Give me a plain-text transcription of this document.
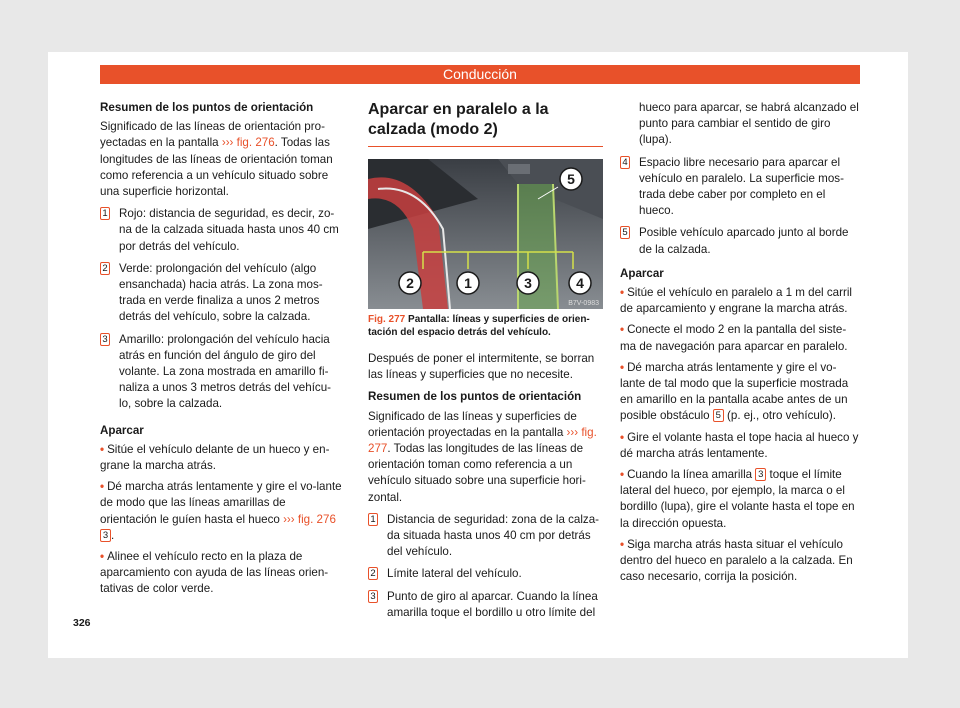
Conducción
Resumen de los puntos de orientación
Significado de las líneas de orientación pro-yectadas en la pantalla ››› fig. 276. Todas las longitudes de las líneas de orientación toman como referencia a un vehículo situado sobre una superficie horizontal.
1 Rojo: distancia de seguridad, es decir, zo-na de la calzada situada hasta unos 40 cm por detrás del vehículo.
2 Verde: prolongación del vehículo (algo ensanchada) hacia atrás. La zona mos-trada en verde finaliza a unos 2 metros detrás del vehículo, sobre la calzada.
3 Amarillo: prolongación del vehículo hacia atrás en función del ángulo de giro del volante. La zona mostrada en amarillo fi-naliza a unos 3 metros detrás del vehícu-lo, sobre la calzada.
Aparcar
• Sitúe el vehículo delante de un hueco y en-grane la marcha atrás.
• Dé marcha atrás lentamente y gire el vo-lante de modo que las líneas amarillas de orientación le guíen hasta el hueco ››› fig. 276 3 .
• Alinee el vehículo recto en la plaza de aparcamiento con ayuda de las líneas orien-tativas de color verde.
Aparcar en paralelo a la calzada (modo 2)
5
2	1	3	4
B7V-0983
Fig. 277 Pantalla: líneas y superficies de orien-tación del espacio detrás del vehículo.
Después de poner el intermitente, se borran las líneas y superficies que no necesite.
Resumen de los puntos de orientación
Significado de las líneas y superficies de orientación proyectadas en la pantalla ››› fig. 277. Todas las longitudes de las líneas de orientación toman como referencia a un vehículo situado sobre una superficie hori-zontal.
1 Distancia de seguridad: zona de la calza-da situada hasta unos 40 cm por detrás del vehículo.
2 Límite lateral del vehículo.
3 Punto de giro al aparcar. Cuando la línea amarilla toque el bordillo u otro límite del
hueco para aparcar, se habrá alcanzado el punto para cambiar el sentido de giro (lupa).
4 Espacio libre necesario para aparcar el vehículo en paralelo. La superficie mos-trada debe caber por completo en el hueco.
5 Posible vehículo aparcado junto al borde de la calzada.
Aparcar
• Sitúe el vehículo en paralelo a 1 m del carril de aparcamiento y engrane la marcha atrás.
• Conecte el modo 2 en la pantalla del siste-ma de navegación para aparcar en paralelo.
• Dé marcha atrás lentamente y gire el vo-lante de tal modo que la superficie mostrada en amarillo en la pantalla acabe antes de un posible obstáculo 5 (p. ej., otro vehículo).
• Gire el volante hasta el tope hacia al hueco y dé marcha atrás lentamente.
• Cuando la línea amarilla 3 toque el límite lateral del hueco, por ejemplo, la marca o el bordillo (lupa), gire el volante hasta el tope en la dirección opuesta.
• Siga marcha atrás hasta situar el vehículo dentro del hueco en paralelo a la calzada. En caso necesario, corrija la posición.
326
